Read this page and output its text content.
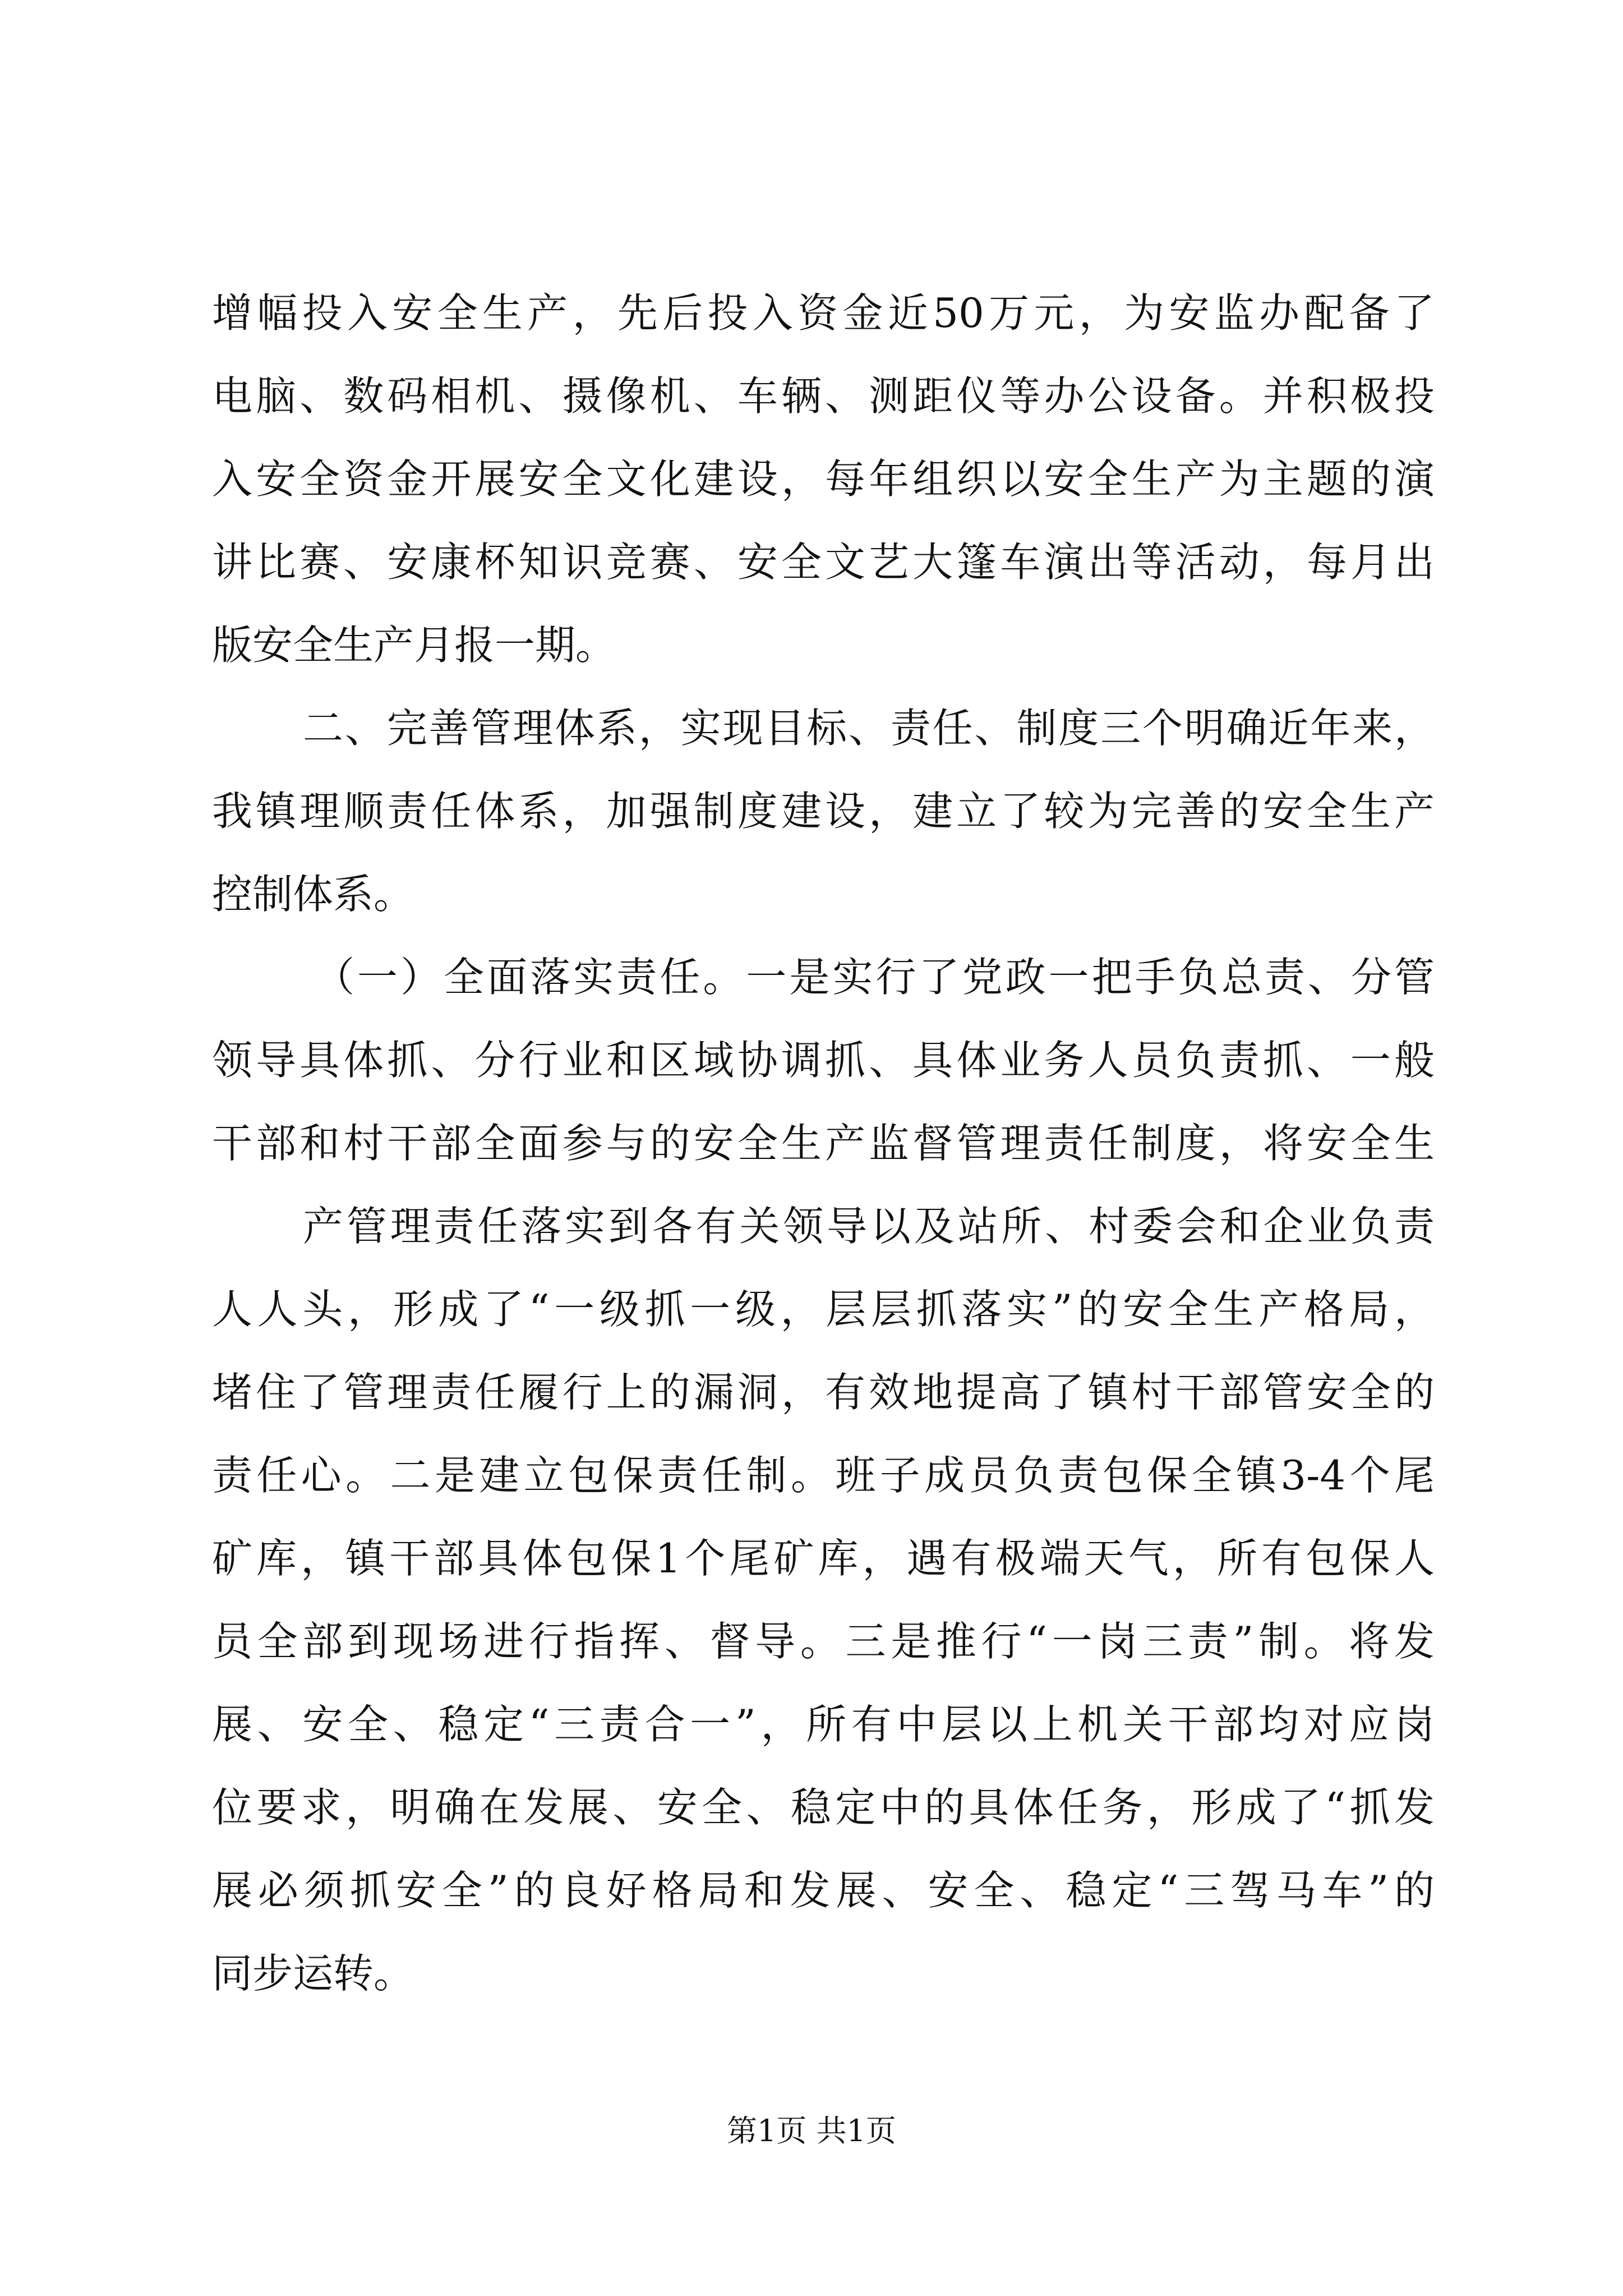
增幅投入安全生产，先后投入资金近50万元，为安监办配备了
电脑、数码相机、摄像机、车辆、测距仪等办公设备。并积极投
入安全资金开展安全文化建设，每年组织以安全生产为主题的演
讲比赛、安康杯知识竞赛、安全文艺大篷车演出等活动，每月出
版安全生产月报一期。
二、完善管理体系，实现目标、责任、制度三个明确近年来，
我镇理顺责任体系，加强制度建设，建立了较为完善的安全生产
控制体系。
（一）全面落实责任。一是实行了党政一把手负总责、分管
领导具体抓、分行业和区域协调抓、具体业务人员负责抓、一般
干部和村干部全面参与的安全生产监督管理责任制度，将安全生
产管理责任落实到各有关领导以及站所、村委会和企业负责
人人头，形成了“一级抓一级，层层抓落实”的安全生产格局，
堵住了管理责任履行上的漏洞，有效地提高了镇村干部管安全的
责任心。二是建立包保责任制。班子成员负责包保全镇3-4个尾
矿库，镇干部具体包保1个尾矿库，遇有极端天气，所有包保人
员全部到现场进行指挥、督导。三是推行“一岗三责”制。将发
展、安全、稳定“三责合一”，所有中层以上机关干部均对应岗
位要求，明确在发展、安全、稳定中的具体任务，形成了“抓发
展必须抓安全”的良好格局和发展、安全、稳定“三驾马车”的
同步运转。
第1页 共1页
